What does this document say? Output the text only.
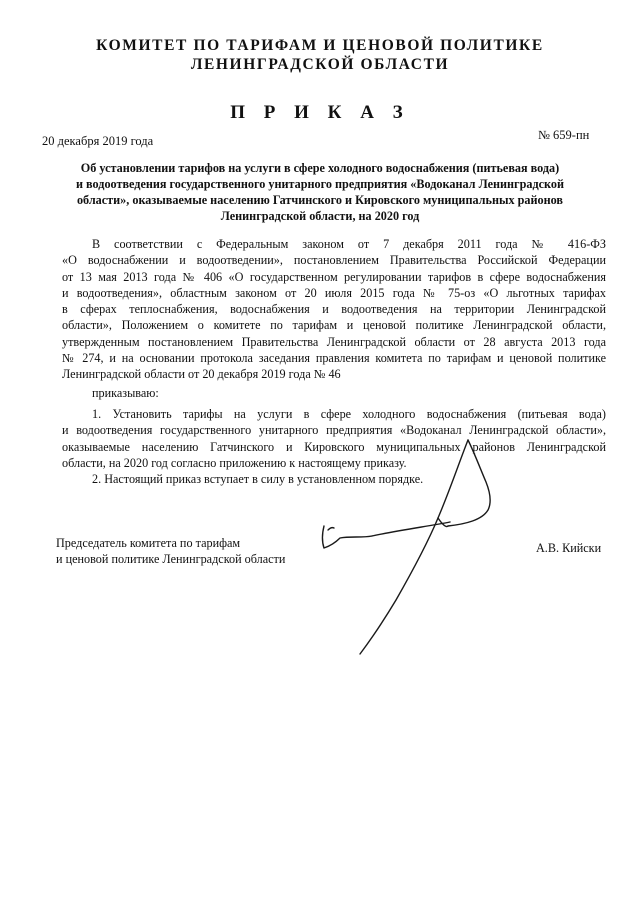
КОМИТЕТ ПО ТАРИФАМ И ЦЕНОВОЙ ПОЛИТИКЕ
ЛЕНИНГРАДСКОЙ ОБЛАСТИ
П Р И К А З
20 декабря 2019 года	№ 659-пн
Об установлении тарифов на услуги в сфере холодного водоснабжения (питьевая вода)
и водоотведения государственного унитарного предприятия «Водоканал Ленинградской
области», оказываемые населению Гатчинского и Кировского муниципальных районов
Ленинградской области, на 2020 год
В соответствии с Федеральным законом от 7 декабря 2011 года № 416-ФЗ
«О водоснабжении и водоотведении», постановлением Правительства Российской Федерации
от 13 мая 2013 года № 406 «О государственном регулировании тарифов в сфере водоснабжения
и водоотведения», областным законом от 20 июля 2015 года № 75-оз «О льготных тарифах
в сферах теплоснабжения, водоснабжения и водоотведения на территории Ленинградской
области», Положением о комитете по тарифам и ценовой политике Ленинградской области,
утвержденным постановлением Правительства Ленинградской области от 28 августа 2013 года
№ 274, и на основании протокола заседания правления комитета по тарифам и ценовой политике
Ленинградской области от 20 декабря 2019 года № 46
приказываю:
1. Установить тарифы на услуги в сфере холодного водоснабжения (питьевая вода)
и водоотведения государственного унитарного предприятия «Водоканал Ленинградской области»,
оказываемые населению Гатчинского и Кировского муниципальных районов Ленинградской
области, на 2020 год согласно приложению к настоящему приказу.
2. Настоящий приказ вступает в силу в установленном порядке.
Председатель комитета по тарифам
и ценовой политике Ленинградской области
А.В. Кийски
